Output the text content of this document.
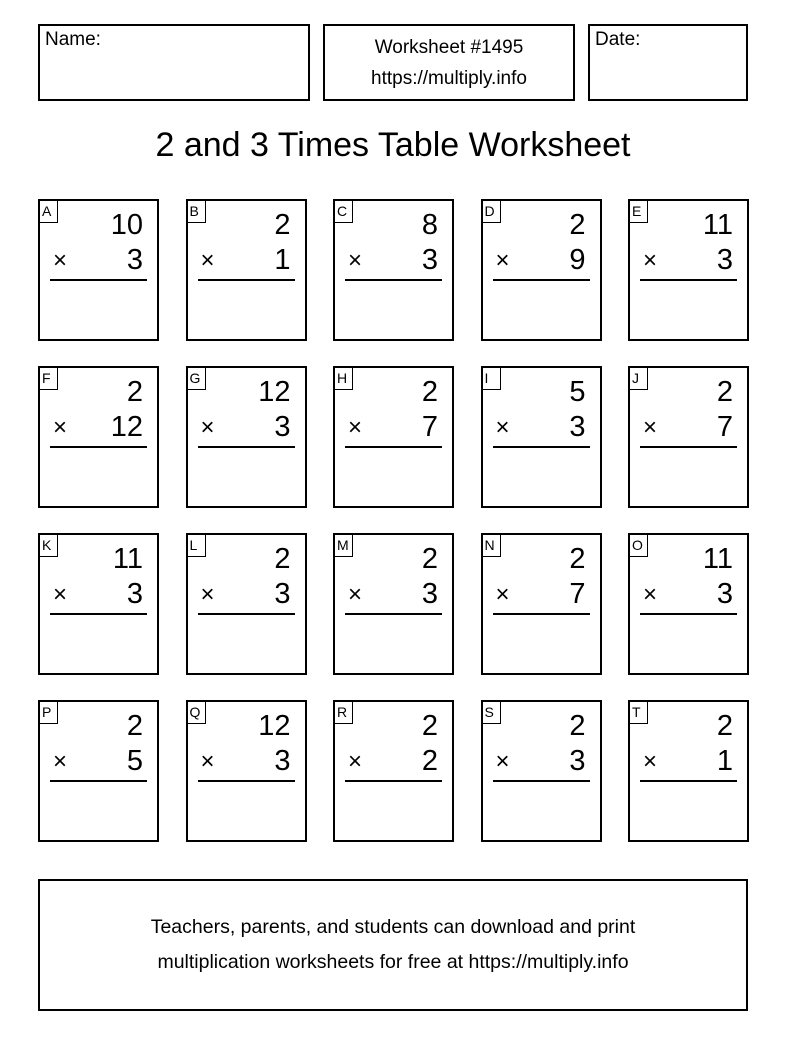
Name:	Worksheet #1495
https://multiply.info
Date:
2 and 3 Times Table Worksheet
A 10
× 3
B	2
× 1
C	8
× 3
D	2
× 9
E 11
× 3
F	2
× 12
G 12
× 3
H	2
× 7
I	5
× 3
J	2
× 7
K 11
× 3
L	2
× 3
M	2
× 3
N	2
× 7
O 11
× 3
P	2
× 5
Q 12
× 3
R	2
× 2
S	2
× 3
T	2
× 1
Teachers, parents, and students can download and print
multiplication worksheets for free at https://multiply.info
